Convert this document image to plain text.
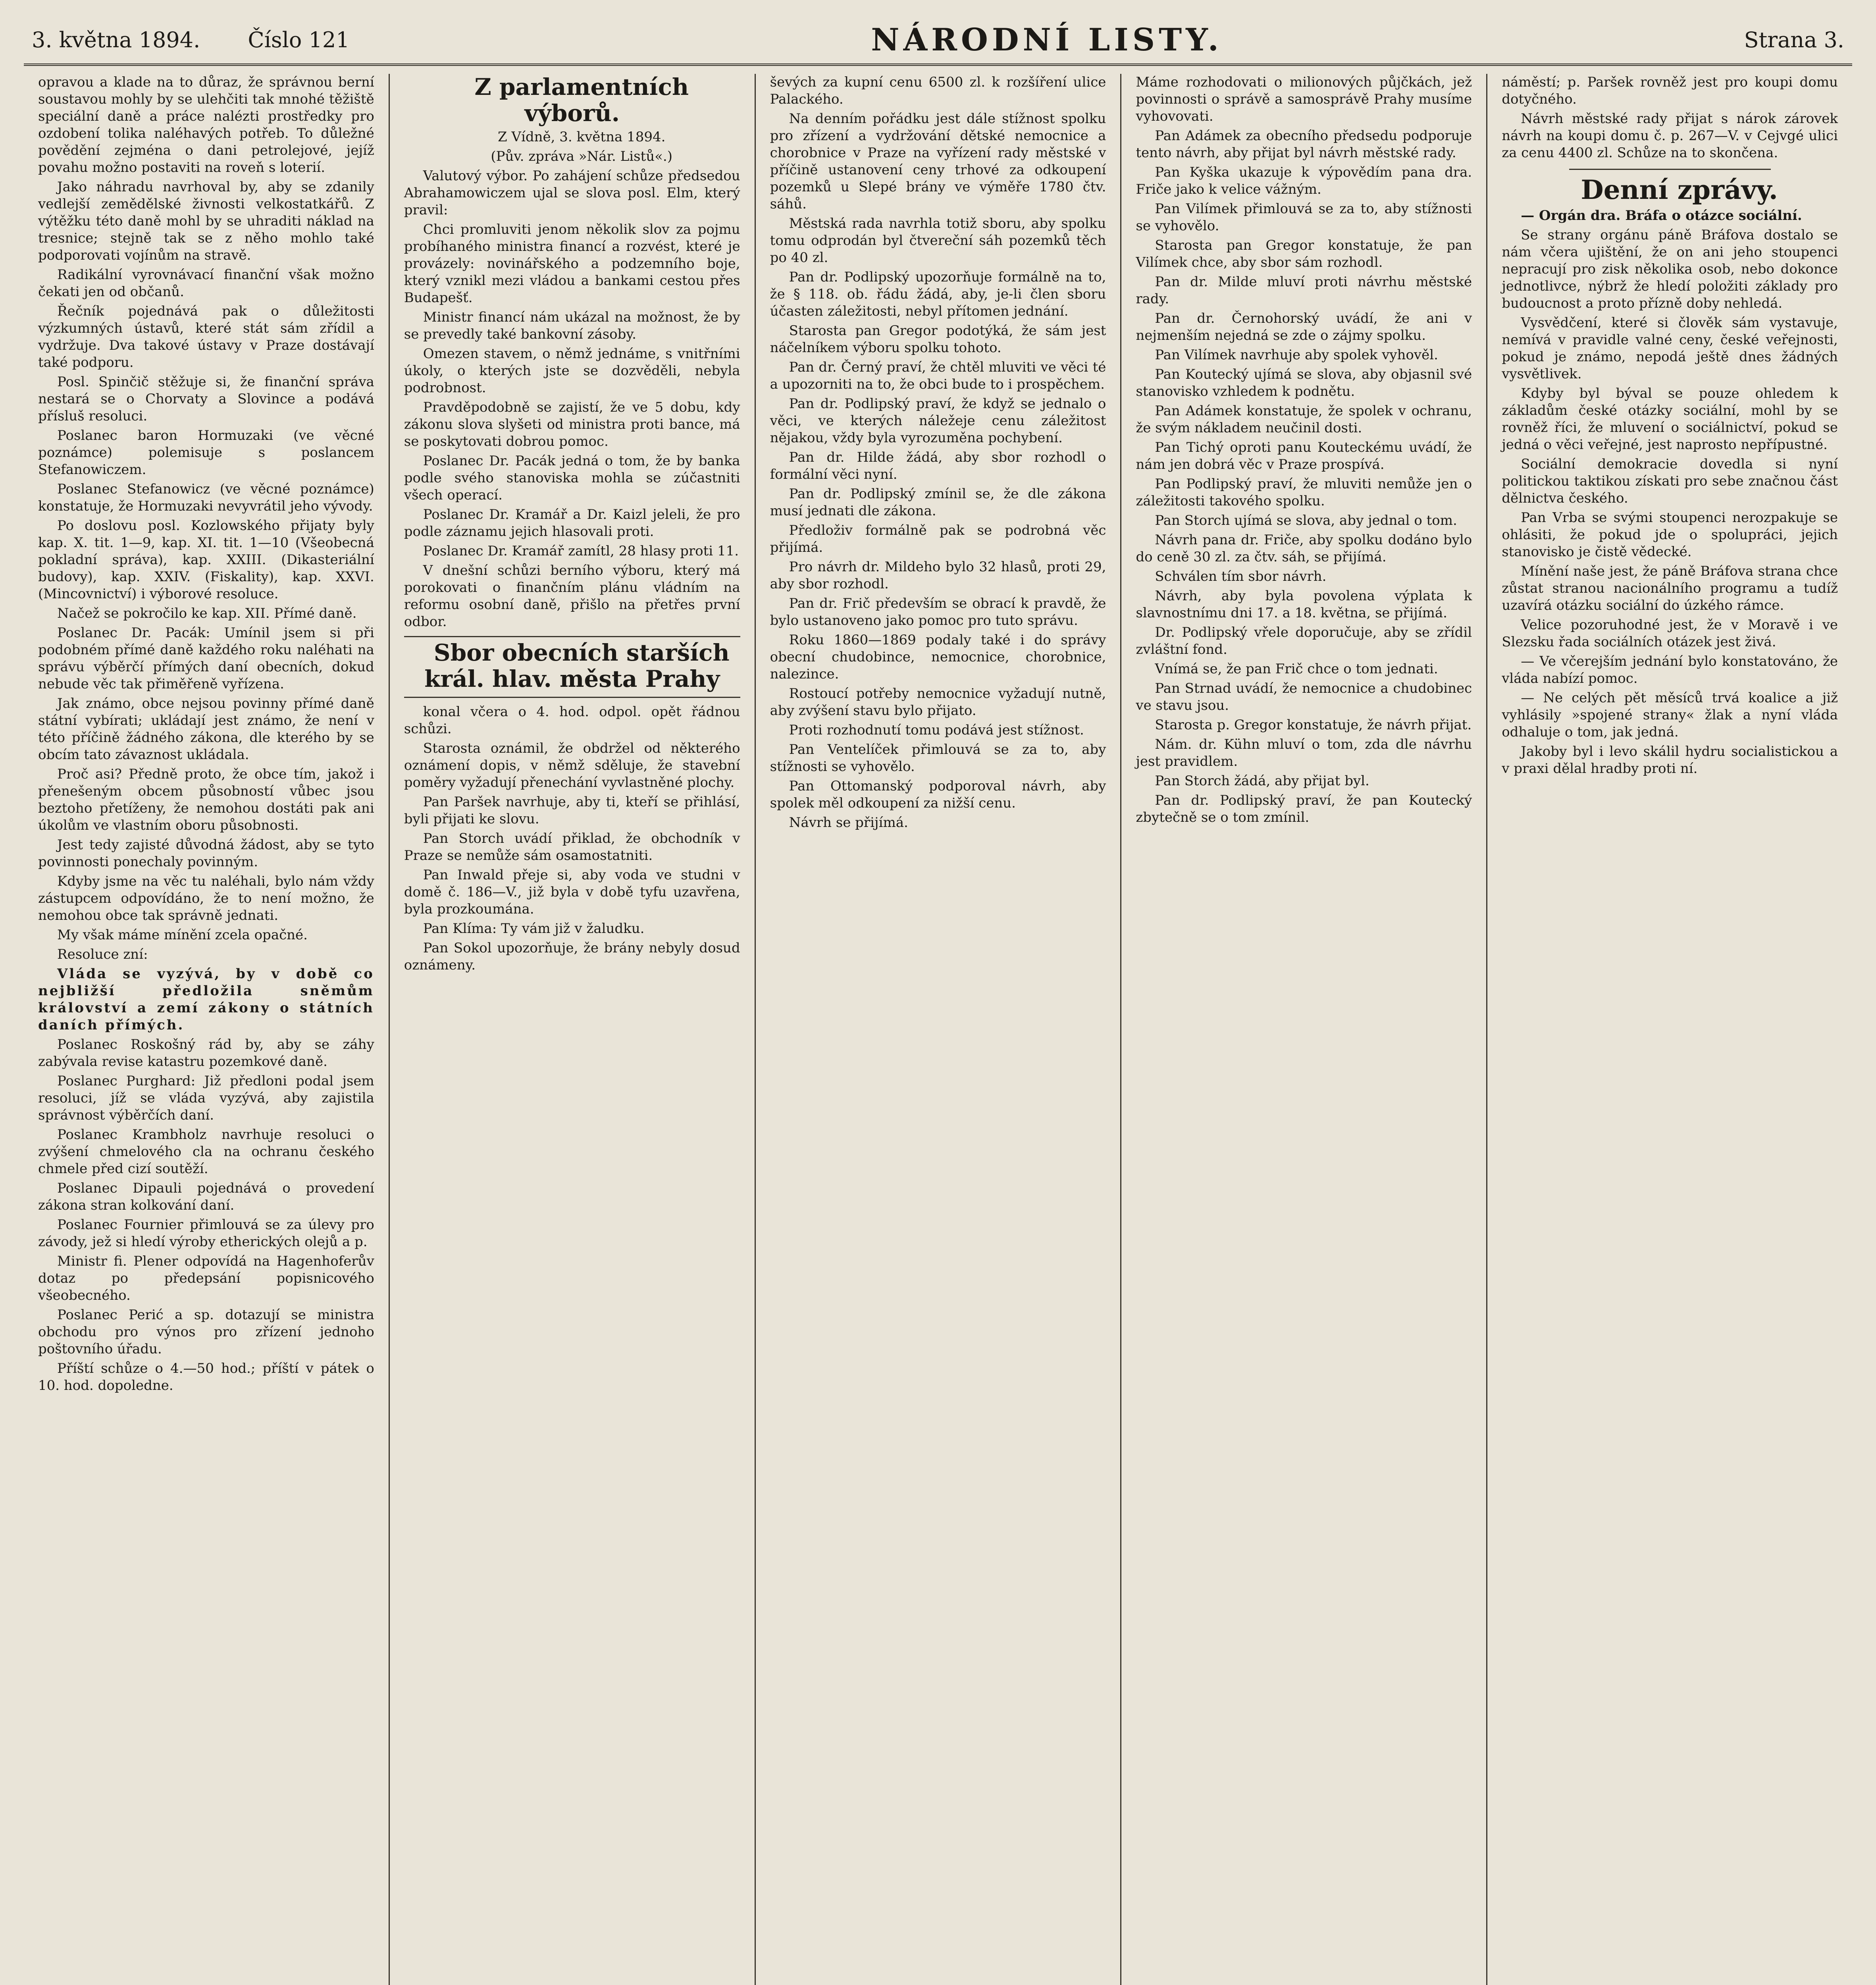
3. května 1894. Číslo 121	NÁRODNÍ LISTY.	Strana 3.

opravou a klade na to důraz, že správnou berní soustavou mohly by se ulehčiti tak mnohé těžiště speciální daně a práce nalézti prostředky pro ozdobení tolika naléhavých potřeb. To důležné povědění zejména o dani petrolejové, jejíž povahu možno postaviti na roveň s loterií.

Jako náhradu navrhoval by, aby se zdanily vedlejší zemědělské živnosti velkostatkářů. Z výtěžku této daně mohl by se uhraditi náklad na tresnice; stejně tak se z něho mohlo také podporovati vojínům na stravě.

Radikální vyrovnávací finanční však možno čekati jen od občanů.

Řečník pojednává pak o důležitosti výzkumných ústavů, které stát sám zřídil a vydržuje. Dva takové ústavy v Praze dostávají také podporu.

Posl. Spinčič stěžuje si, že finanční správa nestará se o Chorvaty a Slovince a podává přísluš resoluci.

Poslanec baron Hormuzaki (ve věcné poznámce) polemisuje s poslancem Stefanowiczem.

Poslanec Stefanowicz (ve věcné poznámce) konstatuje, že Hormuzaki nevyvrátil jeho vývody.

Po doslovu posl. Kozlowského přijaty byly kap. X. tit. 1—9, kap. XI. tit. 1—10 (Všeobecná pokladní správa), kap. XXIII. (Dikasteriální budovy), kap. XXIV. (Fiskality), kap. XXVI. (Mincovnictví) i výborové resoluce.

Načež se pokročilo ke kap. XII. Přímé daně.

Poslanec Dr. Pacák: Umínil jsem si při podobném přímé daně každého roku naléhati na správu výběrčí přímých daní obecních, dokud nebude věc tak přiměřeně vyřízena.

Jak známo, obce nejsou povinny přímé daně státní vybírati; ukládají jest známo, že není v této příčině žádného zákona, dle kterého by se obcím tato závaznost ukládala.

Proč asi? Předně proto, že obce tím, jakož i přenešeným obcem působností vůbec jsou beztoho přetíženy, že nemohou dostáti pak ani úkolům ve vlastním oboru působnosti.

Jest tedy zajisté důvodná žádost, aby se tyto povinnosti ponechaly povinným.

Kdyby jsme na věc tu naléhali, bylo nám vždy zástupcem odpovídáno, že to není možno, že nemohou obce tak správně jednati.

My však máme mínění zcela opačné.

Resoluce zní:

Vláda se vyzývá, by v době co nejbližší předložila sněmům království a zemí zákony o státních daních přímých.

Poslanec Roskošný rád by, aby se záhy zabývala revise katastru pozemkové daně.

Poslanec Purghard: Již předloni podal jsem resoluci, jíž se vláda vyzývá, aby zajistila správnost výběrčích daní.

Poslanec Krambholz navrhuje resoluci o zvýšení chmelového cla na ochranu českého chmele před cizí soutěží.

Poslanec Dipauli pojednává o provedení zákona stran kolkování daní.

Poslanec Fournier přimlouvá se za úlevy pro závody, jež si hledí výroby etherických olejů a p.

Ministr fi. Plener odpovídá na Hagenhoferův dotaz po předepsání popisnicového všeobecného.

Poslanec Perić a sp. dotazují se ministra obchodu pro výnos pro zřízení jednoho poštovního úřadu.

Příští schůze o 4.—50 hod.; příští v pátek o 10. hod. dopoledne.

Z parlamentních výborů.

Z Vídně, 3. května 1894.

(Pův. zpráva »Nár. Listů«.)

Valutový výbor. Po zahájení schůze předsedou Abrahamowiczem ujal se slova posl. Elm, který pravil:

Chci promluviti jenom několik slov za pojmu probíhaného ministra financí a rozvést, které je provázely: novinářského a podzemního boje, který vznikl mezi vládou a bankami cestou přes Budapešť.

Ministr financí nám ukázal na možnost, že by se prevedly také bankovní zásoby.

Omezen stavem, o němž jednáme, s vnitřními úkoly, o kterých jste se dozvěděli, nebyla podrobnost.

Pravděpodobně se zajistí, že ve 5 dobu, kdy zákonu slova slyšeti od ministra proti bance, má se poskytovati dobrou pomoc.

Poslanec Dr. Pacák jedná o tom, že by banka podle svého stanoviska mohla se zúčastniti všech operací.

Poslanec Dr. Kramář a Dr. Kaizl jeleli, že pro podle záznamu jejich hlasovali proti.

Poslanec Dr. Kramář zamítl, 28 hlasy proti 11.

V dnešní schůzi berního výboru, který má porokovati o finančním plánu vládním na reformu osobní daně, přišlo na přetřes první odbor.

Sbor obecních starších král. hlav. města Prahy

konal včera o 4. hod. odpol. opět řádnou schůzi.

Starosta oznámil, že obdržel od některého oznámení dopis, v němž sděluje, že stavební poměry vyžadují přenechání vyvlastněné plochy.

Pan Paršek navrhuje, aby ti, kteří se přihlásí, byli přijati ke slovu.

Pan Storch uvádí přiklad, že obchodník v Praze se nemůže sám osamostatniti.

Pan Inwald přeje si, aby voda ve studni v domě č. 186—V., již byla v době tyfu uzavřena, byla prozkoumána.

Pan Klíma: Ty vám již v žaludku.

Pan Sokol upozorňuje, že brány nebyly dosud oznámeny.

ševých za kupní cenu 6500 zl. k rozšíření ulice Palackého.

Na denním pořádku jest dále stížnost spolku pro zřízení a vydržování dětské nemocnice a chorobnice v Praze na vyřízení rady městské v příčině ustanovení ceny trhové za odkoupení pozemků u Slepé brány ve výměře 1780 čtv. sáhů.

Městská rada navrhla totiž sboru, aby spolku tomu odprodán byl čtvereční sáh pozemků těch po 40 zl.

Pan dr. Podlipský upozorňuje formálně na to, že § 118. ob. řádu žádá, aby, je-li člen sboru účasten záležitosti, nebyl přítomen jednání.

Starosta pan Gregor podotýká, že sám jest náčelníkem výboru spolku tohoto.

Pan dr. Černý praví, že chtěl mluviti ve věci té a upozorniti na to, že obci bude to i prospěchem.

Pan dr. Podlipský praví, že když se jednalo o věci, ve kterých náležeje cenu záležitost nějakou, vždy byla vyrozuměna pochybení.

Pan dr. Hilde žádá, aby sbor rozhodl o formální věci nyní.

Pan dr. Podlipský zmínil se, že dle zákona musí jednati dle zákona.

Předloživ formálně pak se podrobná věc přijímá.

Pro návrh dr. Mildeho bylo 32 hlasů, proti 29, aby sbor rozhodl.

Pan dr. Frič především se obrací k pravdě, že bylo ustanoveno jako pomoc pro tuto správu.

Roku 1860—1869 podaly také i do správy obecní chudobince, nemocnice, chorobnice, nalezince.

Rostoucí potřeby nemocnice vyžadují nutně, aby zvýšení stavu bylo přijato.

Proti rozhodnutí tomu podává jest stížnost.

Pan Ventelíček přimlouvá se za to, aby stížnosti se vyhovělo.

Pan Ottomanský podporoval návrh, aby spolek měl odkoupení za nižší cenu.

Návrh se přijímá.

Máme rozhodovati o milionových půjčkách, jež povinnosti o správě a samosprávě Prahy musíme vyhovovati.

Pan Adámek za obecního předsedu podporuje tento návrh, aby přijat byl návrh městské rady.

Pan Kyška ukazuje k výpovědím pana dra. Friče jako k velice vážným.

Pan Vilímek přimlouvá se za to, aby stížnosti se vyhovělo.

Starosta pan Gregor konstatuje, že pan Vilímek chce, aby sbor sám rozhodl.

Pan dr. Milde mluví proti návrhu městské rady.

Pan dr. Černohorský uvádí, že ani v nejmenším nejedná se zde o zájmy spolku.

Pan Vilímek navrhuje aby spolek vyhověl.

Pan Koutecký ujímá se slova, aby objasnil své stanovisko vzhledem k podnětu.

Pan Adámek konstatuje, že spolek v ochranu, že svým nákladem neučinil dosti.

Pan Tichý oproti panu Kouteckému uvádí, že nám jen dobrá věc v Praze prospívá.

Pan Podlipský praví, že mluviti nemůže jen o záležitosti takového spolku.

Pan Storch ujímá se slova, aby jednal o tom.

Návrh pana dr. Friče, aby spolku dodáno bylo do ceně 30 zl. za čtv. sáh, se přijímá.

Schválen tím sbor návrh.

Návrh, aby byla povolena výplata k slavnostnímu dni 17. a 18. května, se přijímá.

Dr. Podlipský vřele doporučuje, aby se zřídil zvláštní fond.

Vnímá se, že pan Frič chce o tom jednati.

Pan Strnad uvádí, že nemocnice a chudobinec ve stavu jsou.

Starosta p. Gregor konstatuje, že návrh přijat.

Nám. dr. Kühn mluví o tom, zda dle návrhu jest pravidlem.

Pan Storch žádá, aby přijat byl.

Pan dr. Podlipský praví, že pan Koutecký zbytečně se o tom zmínil.

náměstí; p. Paršek rovněž jest pro koupi domu dotyčného.

Návrh městské rady přijat s nárok zárovek návrh na koupi domu č. p. 267—V. v Cejvgé ulici za cenu 4400 zl. Schůze na to skončena.

Denní zprávy.

— Orgán dra. Bráfa o otázce sociální.

Se strany orgánu páně Bráfova dostalo se nám včera ujištění, že on ani jeho stoupenci nepracují pro zisk několika osob, nebo dokonce jednotlivce, nýbrž že hledí položiti základy pro budoucnost a proto přízně doby nehledá.

Vysvědčení, které si člověk sám vystavuje, nemívá v pravidle valné ceny, české veřejnosti, pokud je známo, nepodá ještě dnes žádných vysvětlivek.

Kdyby byl býval se pouze ohledem k základům české otázky sociální, mohl by se rovněž říci, že mluvení o sociálnictví, pokud se jedná o věci veřejné, jest naprosto nepřípustné.

Sociální demokracie dovedla si nyní politickou taktikou získati pro sebe značnou část dělnictva českého.

Pan Vrba se svými stoupenci nerozpakuje se ohlásiti, že pokud jde o spolupráci, jejich stanovisko je čistě vědecké.

Mínění naše jest, že páně Bráfova strana chce zůstat stranou nacionálního programu a tudíž uzavírá otázku sociální do úzkého rámce.

Velice pozoruhodné jest, že v Moravě i ve Slezsku řada sociálních otázek jest živá.

— Ve včerejším jednání bylo konstatováno, že vláda nabízí pomoc.

— Ne celých pět měsíců trvá koalice a již vyhlásily »spojené strany« žlak a nyní vláda odhaluje o tom, jak jedná.

Jakoby byl i levo skálil hydru socialistickou a v praxi dělal hradby proti ní.
